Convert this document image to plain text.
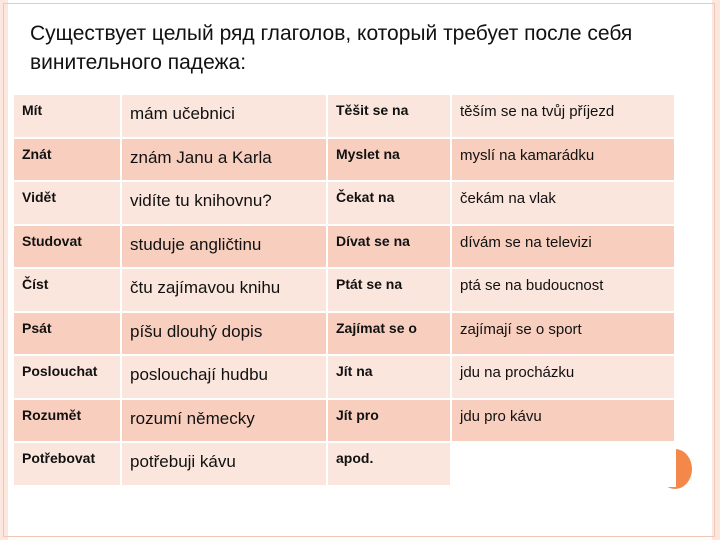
Существует целый ряд глаголов, который требует после себя винительного падежа:
Mít	mám učebnici	Těšit se na	těším se na tvůj příjezd
Znát	znám Janu a Karla	Myslet na	myslí na kamarádku
Vidět	vidíte tu knihovnu?	Čekat na	čekám na vlak
Studovat	studuje angličtinu	Dívat se na	dívám se na televizi
Číst	čtu zajímavou knihu	Ptát se na	ptá se na budoucnost
Psát	píšu dlouhý dopis	Zajímat se o	zajímají se o sport
Poslouchat	poslouchají hudbu	Jít na	jdu na procházku
Rozumět	rozumí německy	Jít pro	jdu pro kávu
Potřebovat	potřebuji kávu	apod.
